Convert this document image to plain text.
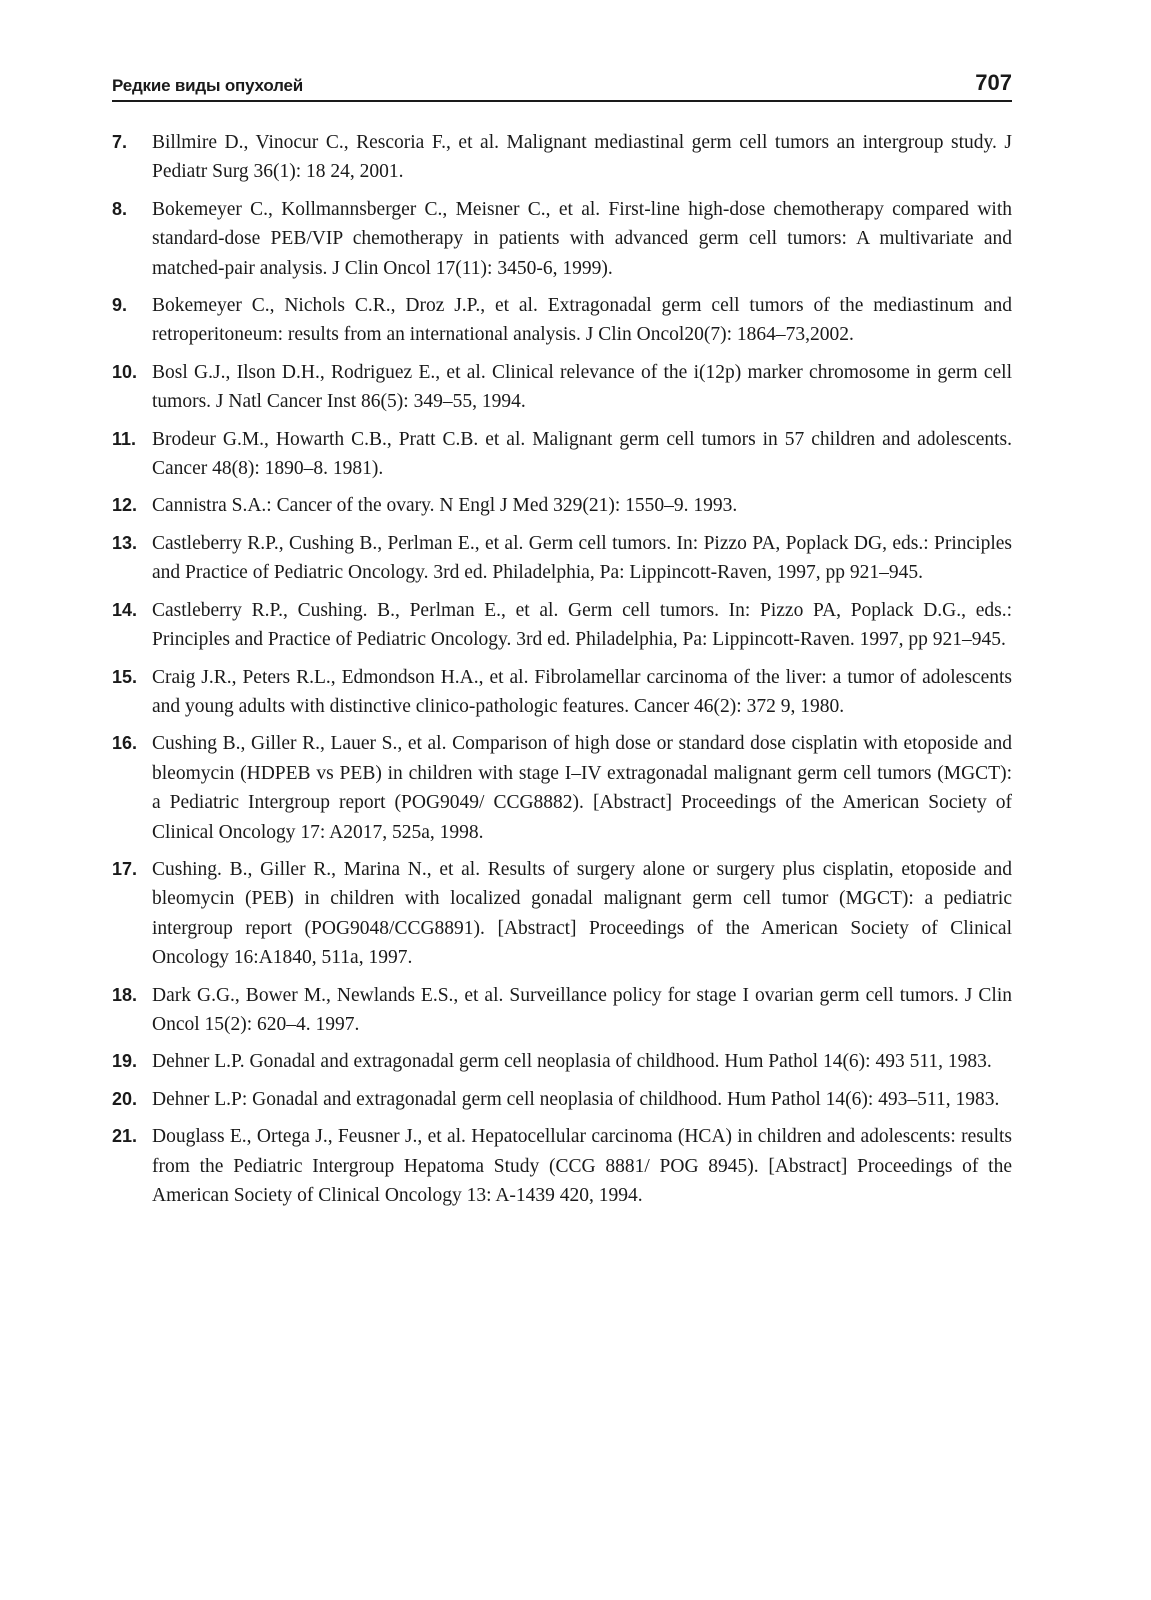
Редкие виды опухолей	707
7. Billmire D., Vinocur C., Rescoria F., et al. Malignant mediastinal germ cell tumors an intergroup study. J Pediatr Surg 36(1): 18 24, 2001.
8. Bokemeyer C., Kollmannsberger C., Meisner C., et al. First-line high-dose chemotherapy compared with standard-dose PEB/VIP chemotherapy in patients with advanced germ cell tumors: A multivariate and matched-pair analysis. J Clin Oncol 17(11): 3450-6, 1999).
9. Bokemeyer C., Nichols C.R., Droz J.P., et al. Extragonadal germ cell tumors of the mediastinum and retroperitoneum: results from an international analysis. J Clin Oncol20(7): 1864–73,2002.
10. Bosl G.J., Ilson D.H., Rodriguez E., et al. Clinical relevance of the i(12p) marker chromosome in germ cell tumors. J Natl Cancer Inst 86(5): 349–55, 1994.
11. Brodeur G.M., Howarth C.B., Pratt C.B. et al. Malignant germ cell tumors in 57 children and adolescents. Cancer 48(8): 1890–8. 1981).
12. Cannistra S.A.: Cancer of the ovary. N Engl J Med 329(21): 1550–9. 1993.
13. Castleberry R.P., Cushing B., Perlman E., et al. Germ cell tumors. In: Pizzo PA, Poplack DG, eds.: Principles and Practice of Pediatric Oncology. 3rd ed. Philadelphia, Pa: Lippincott-Raven, 1997, pp 921–945.
14. Castleberry R.P., Cushing. B., Perlman E., et al. Germ cell tumors. In: Pizzo PA, Poplack D.G., eds.: Principles and Practice of Pediatric Oncology. 3rd ed. Philadelphia, Pa: Lippincott-Raven. 1997, pp 921–945.
15. Craig J.R., Peters R.L., Edmondson H.A., et al. Fibrolamellar carcinoma of the liver: a tumor of adolescents and young adults with distinctive clinico-pathologic features. Cancer 46(2): 372 9, 1980.
16. Cushing B., Giller R., Lauer S., et al. Comparison of high dose or standard dose cisplatin with etoposide and bleomycin (HDPEB vs PEB) in children with stage I–IV extragonadal malignant germ cell tumors (MGCT): a Pediatric Intergroup report (POG9049/ CCG8882). [Abstract] Proceedings of the American Society of Clinical Oncology 17: A2017, 525a, 1998.
17. Cushing. B., Giller R., Marina N., et al. Results of surgery alone or surgery plus cisplatin, etoposide and bleomycin (PEB) in children with localized gonadal malignant germ cell tumor (MGCT): a pediatric intergroup report (POG9048/CCG8891). [Abstract] Proceedings of the American Society of Clinical Oncology 16:A1840, 511a, 1997.
18. Dark G.G., Bower M., Newlands E.S., et al. Surveillance policy for stage I ovarian germ cell tumors. J Clin Oncol 15(2): 620–4. 1997.
19. Dehner L.P. Gonadal and extragonadal germ cell neoplasia of childhood. Hum Pathol 14(6): 493 511, 1983.
20. Dehner L.P: Gonadal and extragonadal germ cell neoplasia of childhood. Hum Pathol 14(6): 493–511, 1983.
21. Douglass E., Ortega J., Feusner J., et al. Hepatocellular carcinoma (HCA) in children and adolescents: results from the Pediatric Intergroup Hepatoma Study (CCG 8881/ POG 8945). [Abstract] Proceedings of the American Society of Clinical Oncology 13: A-1439 420, 1994.
